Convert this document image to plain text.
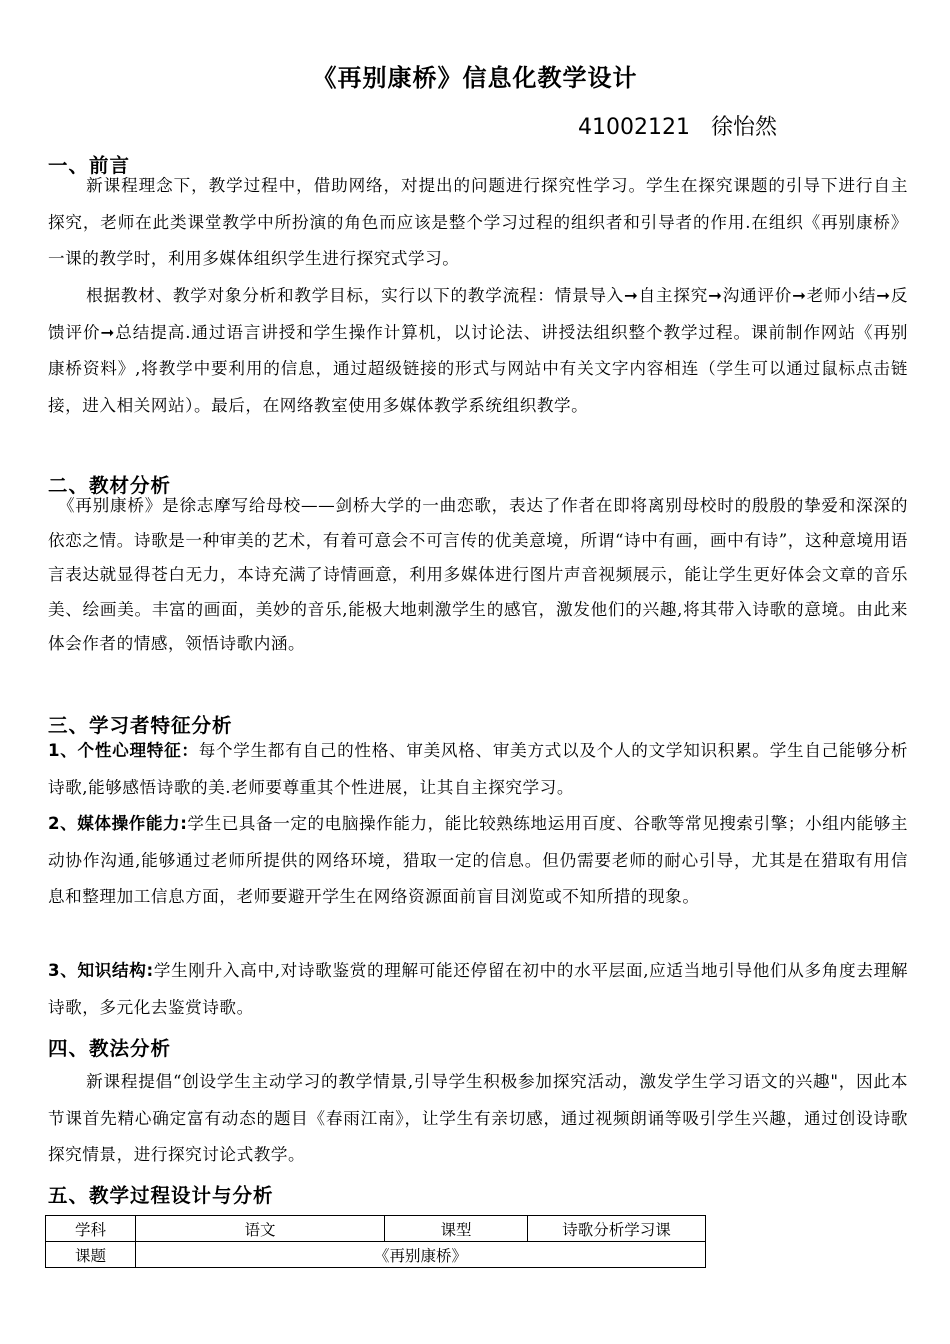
《再别康桥》信息化教学设计
41002121   徐怡然
一、前言
新课程理念下，教学过程中，借助网络，对提出的问题进行探究性学习。学生在探究课题的引导下进行自主探究，老师在此类课堂教学中所扮演的角色而应该是整个学习过程的组织者和引导者的作用.在组织《再别康桥》一课的教学时，利用多媒体组织学生进行探究式学习。
根据教材、教学对象分析和教学目标，实行以下的教学流程：情景导入➞自主探究➞沟通评价➞老师小结➞反馈评价➞总结提高.通过语言讲授和学生操作计算机，以讨论法、讲授法组织整个教学过程。课前制作网站《再别康桥资料》,将教学中要利用的信息，通过超级链接的形式与网站中有关文字内容相连（学生可以通过鼠标点击链接，进入相关网站）。最后，在网络教室使用多媒体教学系统组织教学。
二、教材分析
《再别康桥》是徐志摩写给母校——剑桥大学的一曲恋歌，表达了作者在即将离别母校时的殷殷的挚爱和深深的依恋之情。诗歌是一种审美的艺术，有着可意会不可言传的优美意境，所谓“诗中有画，画中有诗”，这种意境用语言表达就显得苍白无力，本诗充满了诗情画意，利用多媒体进行图片声音视频展示，能让学生更好体会文章的音乐美、绘画美。丰富的画面，美妙的音乐,能极大地刺激学生的感官，激发他们的兴趣,将其带入诗歌的意境。由此来体会作者的情感，领悟诗歌内涵。
三、学习者特征分析
1、个性心理特征：每个学生都有自己的性格、审美风格、审美方式以及个人的文学知识积累。学生自己能够分析诗歌,能够感悟诗歌的美.老师要尊重其个性进展，让其自主探究学习。
2、媒体操作能力:学生已具备一定的电脑操作能力，能比较熟练地运用百度、谷歌等常见搜索引擎；小组内能够主动协作沟通,能够通过老师所提供的网络环境，猎取一定的信息。但仍需要老师的耐心引导，尤其是在猎取有用信息和整理加工信息方面，老师要避开学生在网络资源面前盲目浏览或不知所措的现象。
3、知识结构:学生刚升入高中,对诗歌鉴赏的理解可能还停留在初中的水平层面,应适当地引导他们从多角度去理解诗歌，多元化去鉴赏诗歌。
四、教法分析
新课程提倡“创设学生主动学习的教学情景,引导学生积极参加探究活动，激发学生学习语文的兴趣"，因此本节课首先精心确定富有动态的题目《春雨江南》，让学生有亲切感，通过视频朗诵等吸引学生兴趣，通过创设诗歌探究情景，进行探究讨论式教学。
五、教学过程设计与分析
学科	语文	课型	诗歌分析学习课
课题	《再别康桥》		
